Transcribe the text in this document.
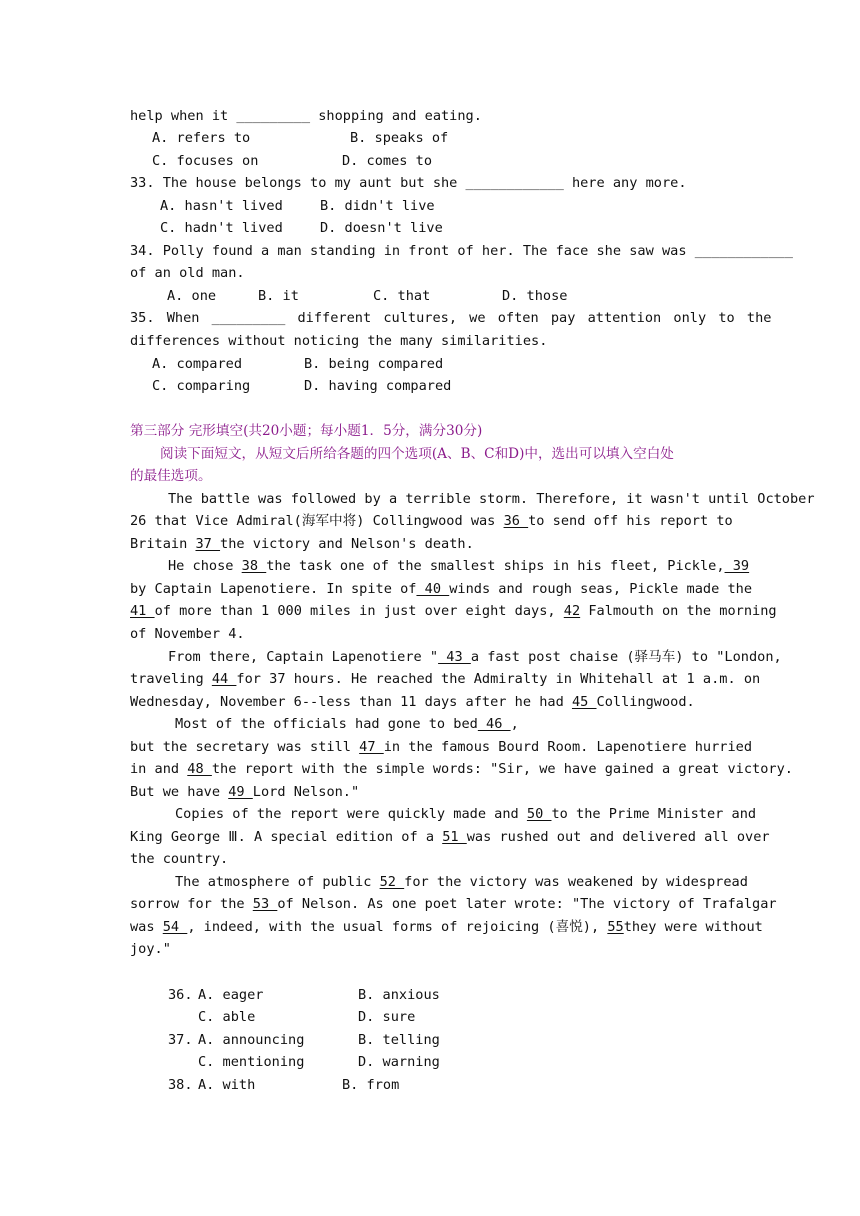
help when it _________ shopping and eating.
A. refers to	B. speaks of
C. focuses on	D. comes to
33. The house belongs to my aunt but she ____________ here any more.
A. hasn't lived	B. didn't live
C. hadn't lived	D. doesn't live
34. Polly found a man standing in front of her. The face she saw was ____________
of an old man.
A. one	B. it	C. that	D. those
35. When _________ different cultures, we often pay attention only to the
differences without noticing the many similarities.
A. compared	B. being compared
C. comparing	D. having compared
第三部分 完形填空(共20小题；每小题1．5分，满分30分)
阅读下面短文，从短文后所给各题的四个选项(A、B、C和D)中，选出可以填入空白处
的最佳选项。
The battle was followed by a terrible storm. Therefore, it wasn't until October
26 that Vice Admiral(海军中将) Collingwood was 36 to send off his report to
Britain 37 the victory and Nelson's death.
He chose 38 the task one of the smallest ships in his fleet, Pickle, 39
by Captain Lapenotiere. In spite of 40 winds and rough seas, Pickle made the
41 of more than 1 000 miles in just over eight days, 42 Falmouth on the morning
of November 4.
From there, Captain Lapenotiere " 43 a fast post chaise (驿马车) to "London,
traveling 44 for 37 hours. He reached the Admiralty in Whitehall at 1 a.m. on
Wednesday, November 6--less than 11 days after he had 45 Collingwood.
Most of the officials had gone to bed 46 ,
but the secretary was still 47 in the famous Bourd Room. Lapenotiere hurried
in and 48 the report with the simple words: "Sir, we have gained a great victory.
But we have 49 Lord Nelson."
Copies of the report were quickly made and 50 to the Prime Minister and
King George Ⅲ. A special edition of a 51 was rushed out and delivered all over
the country.
The atmosphere of public 52 for the victory was weakened by widespread
sorrow for the 53 of Nelson. As one poet later wrote: "The victory of Trafalgar
was 54 , indeed, with the usual forms of rejoicing (喜悦), 55they were without
joy."
36. A. eager	B. anxious
C. able	D. sure
37. A. announcing	B. telling
C. mentioning	D. warning
38. A. with	B. from
